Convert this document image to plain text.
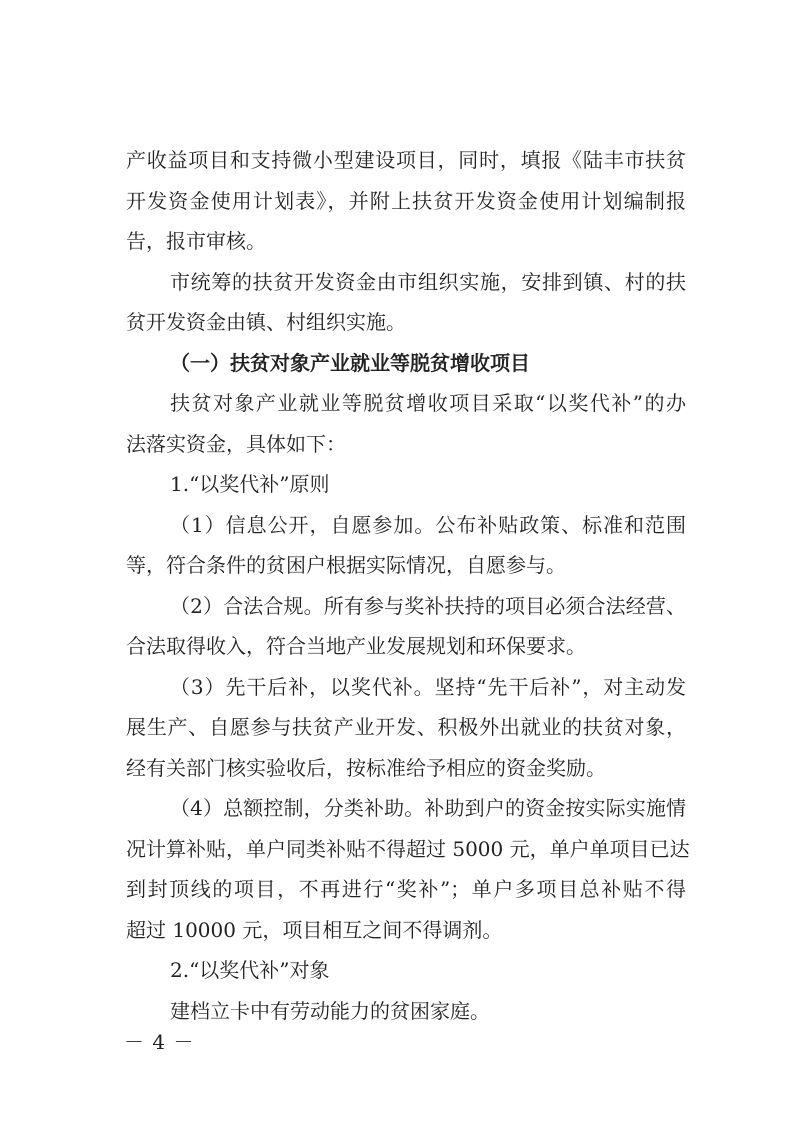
产收益项目和支持微小型建设项目，同时，填报《陆丰市扶贫
开发资金使用计划表》，并附上扶贫开发资金使用计划编制报
告，报市审核。
市统筹的扶贫开发资金由市组织实施，安排到镇、村的扶
贫开发资金由镇、村组织实施。
（一）扶贫对象产业就业等脱贫增收项目
扶贫对象产业就业等脱贫增收项目采取“以奖代补”的办
法落实资金，具体如下：
1.“以奖代补”原则
（1）信息公开，自愿参加。公布补贴政策、标准和范围
等，符合条件的贫困户根据实际情况，自愿参与。
（2）合法合规。所有参与奖补扶持的项目必须合法经营、
合法取得收入，符合当地产业发展规划和环保要求。
（3）先干后补，以奖代补。坚持“先干后补”，对主动发
展生产、自愿参与扶贫产业开发、积极外出就业的扶贫对象，
经有关部门核实验收后，按标准给予相应的资金奖励。
（4）总额控制，分类补助。补助到户的资金按实际实施情
况计算补贴，单户同类补贴不得超过 5000 元，单户单项目已达
到封顶线的项目，不再进行“奖补”；单户多项目总补贴不得
超过 10000 元，项目相互之间不得调剂。
2.“以奖代补”对象
建档立卡中有劳动能力的贫困家庭。
－ 4 －
